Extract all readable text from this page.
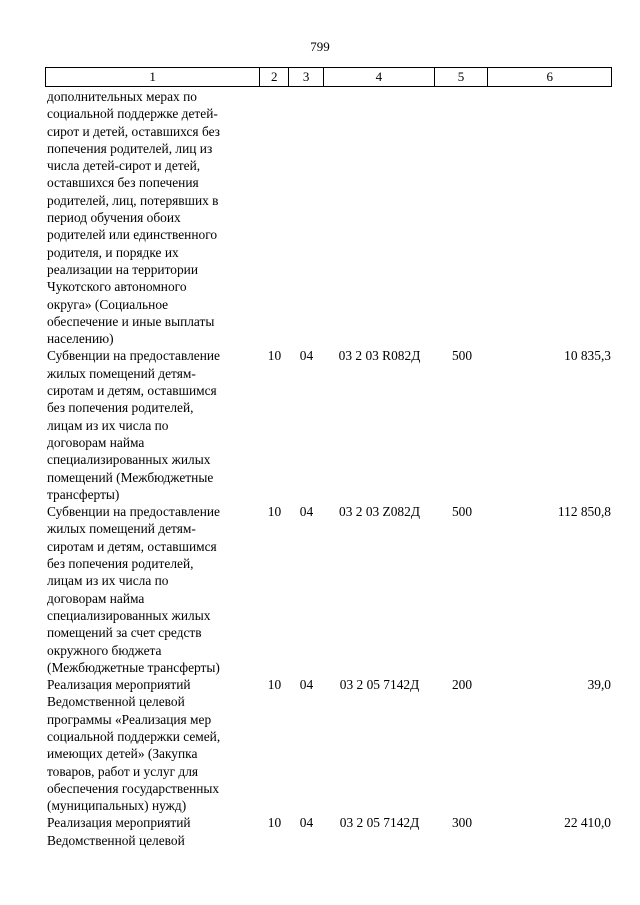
799
1	2	3	4	5	6
дополнительных мерах по
социальной поддержке детей-
сирот и детей, оставшихся без
попечения родителей, лиц из
числа детей-сирот и детей,
оставшихся без попечения
родителей, лиц, потерявших в
период обучения обоих
родителей или единственного
родителя, и порядке их
реализации на территории
Чукотского автономного
округа» (Социальное
обеспечение и иные выплаты
населению)
Субвенции на предоставление
жилых помещений детям-
сиротам и детям, оставшимся
без попечения родителей,
лицам из их числа по
договорам найма
специализированных жилых
помещений (Межбюджетные
трансферты)
10	04	03 2 03 R082Д	500	10 835,3
Субвенции на предоставление
жилых помещений детям-
сиротам и детям, оставшимся
без попечения родителей,
лицам из их числа по
договорам найма
специализированных жилых
помещений за счет средств
окружного бюджета
(Межбюджетные трансферты)
10	04	03 2 03 Z082Д	500	112 850,8
Реализация мероприятий
Ведомственной целевой
программы «Реализация мер
социальной поддержки семей,
имеющих детей» (Закупка
товаров, работ и услуг для
обеспечения государственных
(муниципальных) нужд)
10	04	03 2 05 7142Д	200	39,0
Реализация мероприятий
Ведомственной целевой
10	04	03 2 05 7142Д	300	22 410,0
